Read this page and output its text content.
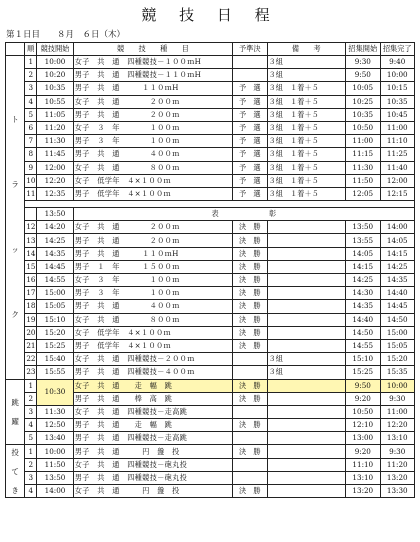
競 技 日 程
第１日目　　８月　６日（木）
	順	競技開始	競　　技　　種　　目	予準決	備　　考	招集開始	招集完了

ト
ラ
ッ
ク	1	10:00	女子　共　通　四種競技－１００ｍH		３組	9:30	9:40
	2	10:20	男子　共　通　四種競技－１１０ｍH		３組	9:50	10:00
	3	10:35	男子　共　通　　　１１０ｍH	予　選	３組　１着＋５	10:05	10:15
	4	10:55	女子　共　通　　　　２００ｍ	予　選	３組　１着＋５	10:25	10:35
	5	11:05	男子　共　通　　　　２００ｍ	予　選	３組　１着＋５	10:35	10:45
	6	11:20	女子　３　年　　　　１００ｍ	予　選	３組　１着＋５	10:50	11:00
	7	11:30	男子　３　年　　　　１００ｍ	予　選	３組　１着＋５	11:00	11:10
	8	11:45	男子　共　通　　　　４００ｍ	予　選	３組　１着＋５	11:15	11:25
	9	12:00	女子　共　通　　　　８００ｍ	予　選	３組　１着＋５	11:30	11:40
	10	12:20	女子　低学年　４×１００ｍ	予　選	３組　１着＋５	11:50	12:00
	11	12:35	男子　低学年　４×１００ｍ	予　選	３組　１着＋５	12:05	12:15

		13:50	表　　　　　　　彰				
	12	14:20	女子　共　通　　　　２００ｍ	決　勝		13:50	14:00
	13	14:25	男子　共　通　　　　２００ｍ	決　勝		13:55	14:05
	14	14:35	男子　共　通　　　１１０ｍH	決　勝		14:05	14:15
	15	14:45	男子　１　年　　　１５００ｍ	決　勝		14:15	14:25
	16	14:55	女子　３　年　　　　１００ｍ	決　勝		14:25	14:35
	17	15:00	男子　３　年　　　　１００ｍ	決　勝		14:30	14:40
	18	15:05	男子　共　通　　　　４００ｍ	決　勝		14:35	14:45
	19	15:10	女子　共　通　　　　８００ｍ	決　勝		14:40	14:50
	20	15:20	女子　低学年　４×１００ｍ	決　勝		14:50	15:00
	21	15:25	男子　低学年　４×１００ｍ	決　勝		14:55	15:05
	22	15:40	女子　共　通　四種競技－２００ｍ		３組	15:10	15:20
	23	15:55	男子　共　通　四種競技－４００ｍ		３組	15:25	15:35

跳
躍	1	10:30	女子　共　通　　走　幅　跳	決　勝		9:50	10:00
	2		男子　共　通　　棒　高　跳	決　勝		9:20	9:30
	3	11:30	女子　共　通　四種競技－走高跳			10:50	11:00
	4	12:50	男子　共　通　　走　幅　跳	決　勝		12:10	12:20
	5	13:40	男子　共　通　四種競技－走高跳			13:00	13:10

投
て
き	1	10:00	男子　共　通　　　円　盤　投	決　勝		9:20	9:30
	2	11:50	女子　共　通　四種競技－砲丸投			11:10	11:20
	3	13:50	男子　共　通　四種競技－砲丸投			13:10	13:20
	4	14:00	女子　共　通　　　円　盤　投	決　勝		13:20	13:30
